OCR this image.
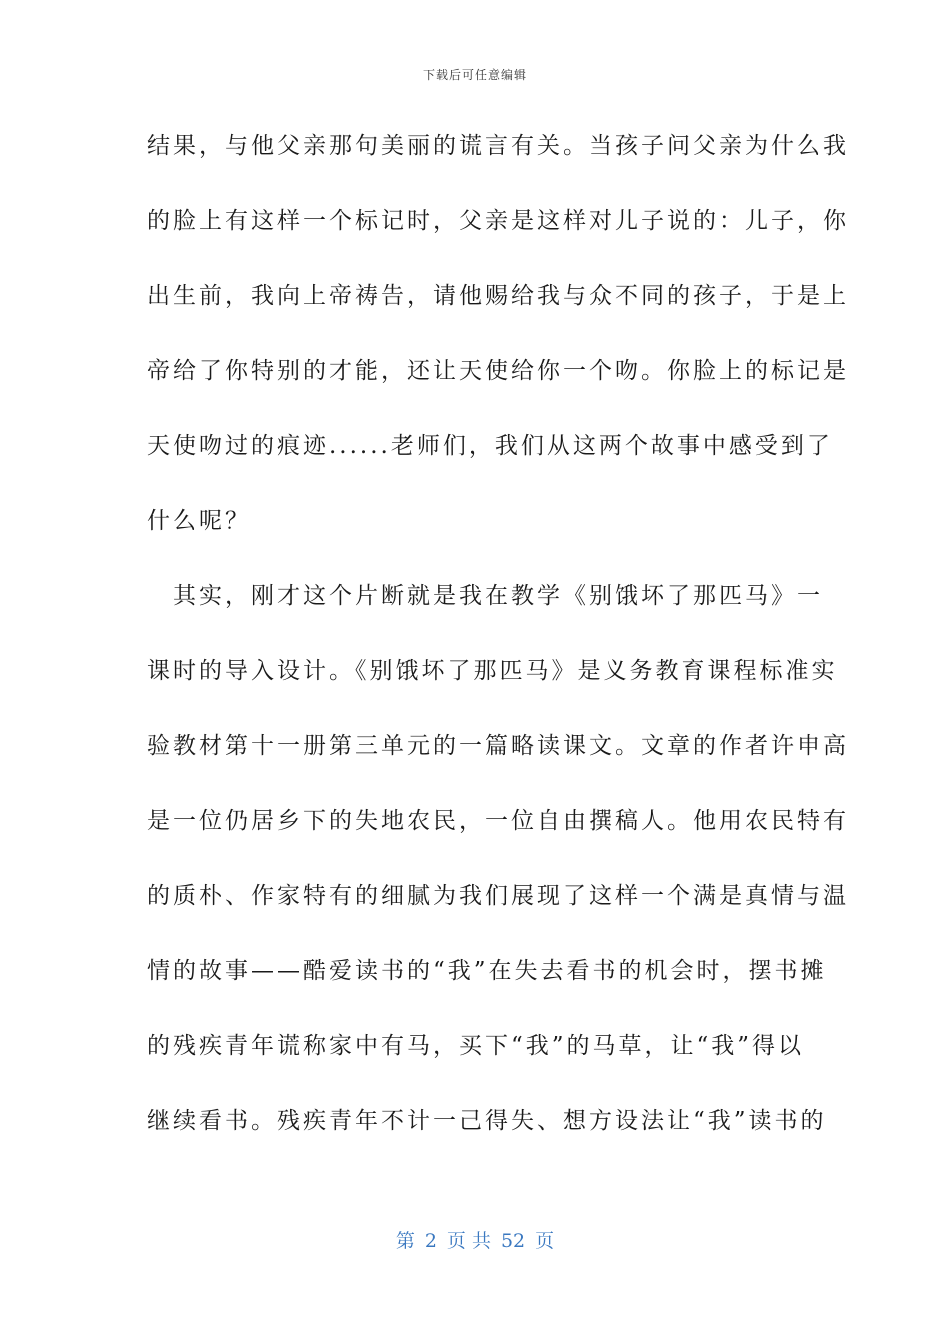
下载后可任意编辑
结果，与他父亲那句美丽的谎言有关。当孩子问父亲为什么我
的脸上有这样一个标记时，父亲是这样对儿子说的：儿子，你
出生前，我向上帝祷告，请他赐给我与众不同的孩子，于是上
帝给了你特别的才能，还让天使给你一个吻。你脸上的标记是
天使吻过的痕迹......老师们，我们从这两个故事中感受到了
什么呢？
　其实，刚才这个片断就是我在教学《别饿坏了那匹马》一
课时的导入设计。《别饿坏了那匹马》是义务教育课程标准实
验教材第十一册第三单元的一篇略读课文。文章的作者许申高
是一位仍居乡下的失地农民，一位自由撰稿人。他用农民特有
的质朴、作家特有的细腻为我们展现了这样一个满是真情与温
情的故事——酷爱读书的“我”在失去看书的机会时，摆书摊
的残疾青年谎称家中有马，买下“我”的马草，让“我”得以
继续看书。残疾青年不计一己得失、想方设法让“我”读书的
第 2 页 共 52 页
